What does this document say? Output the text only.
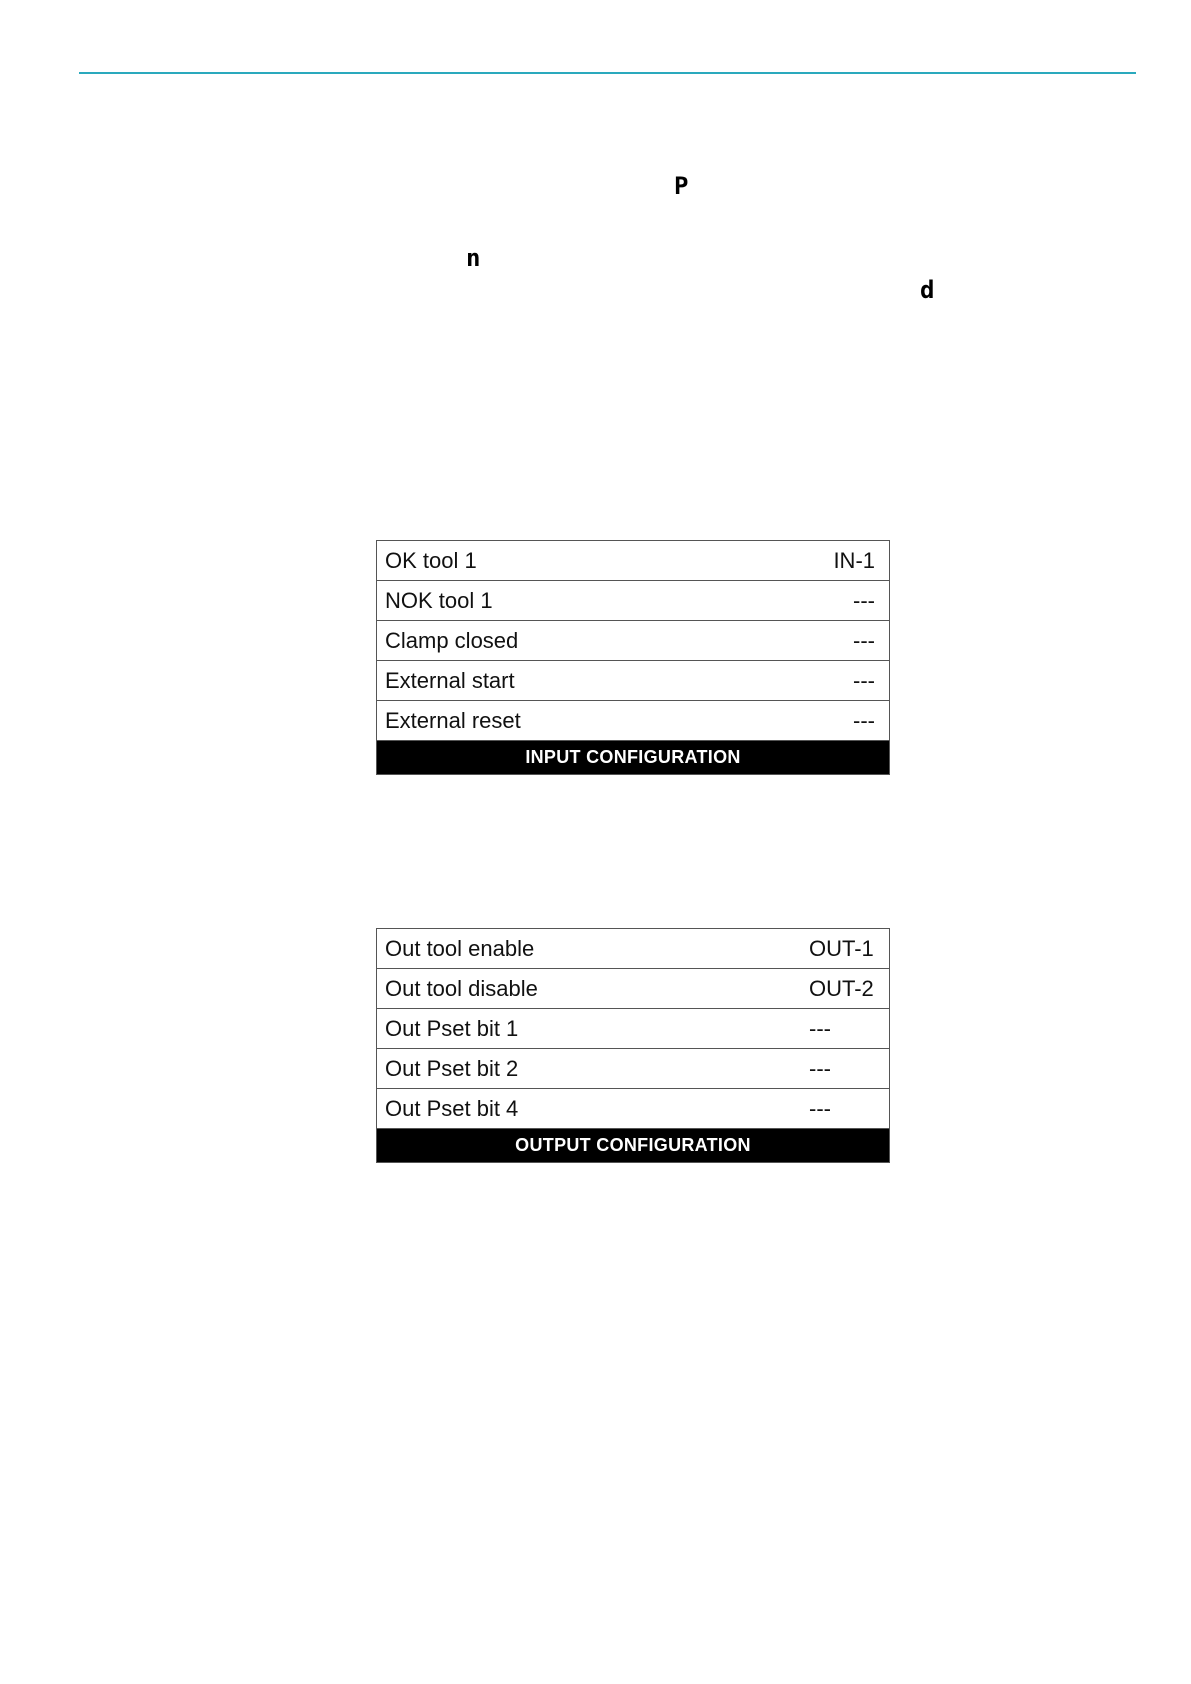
P
n
d
OK tool 1	IN-1
NOK tool 1	---
Clamp closed	---
External start	---
External reset	---
INPUT CONFIGURATION
Out tool enable	OUT-1
Out tool disable	OUT-2
Out Pset bit 1	---
Out Pset bit 2	---
Out Pset bit 4	---
OUTPUT CONFIGURATION
